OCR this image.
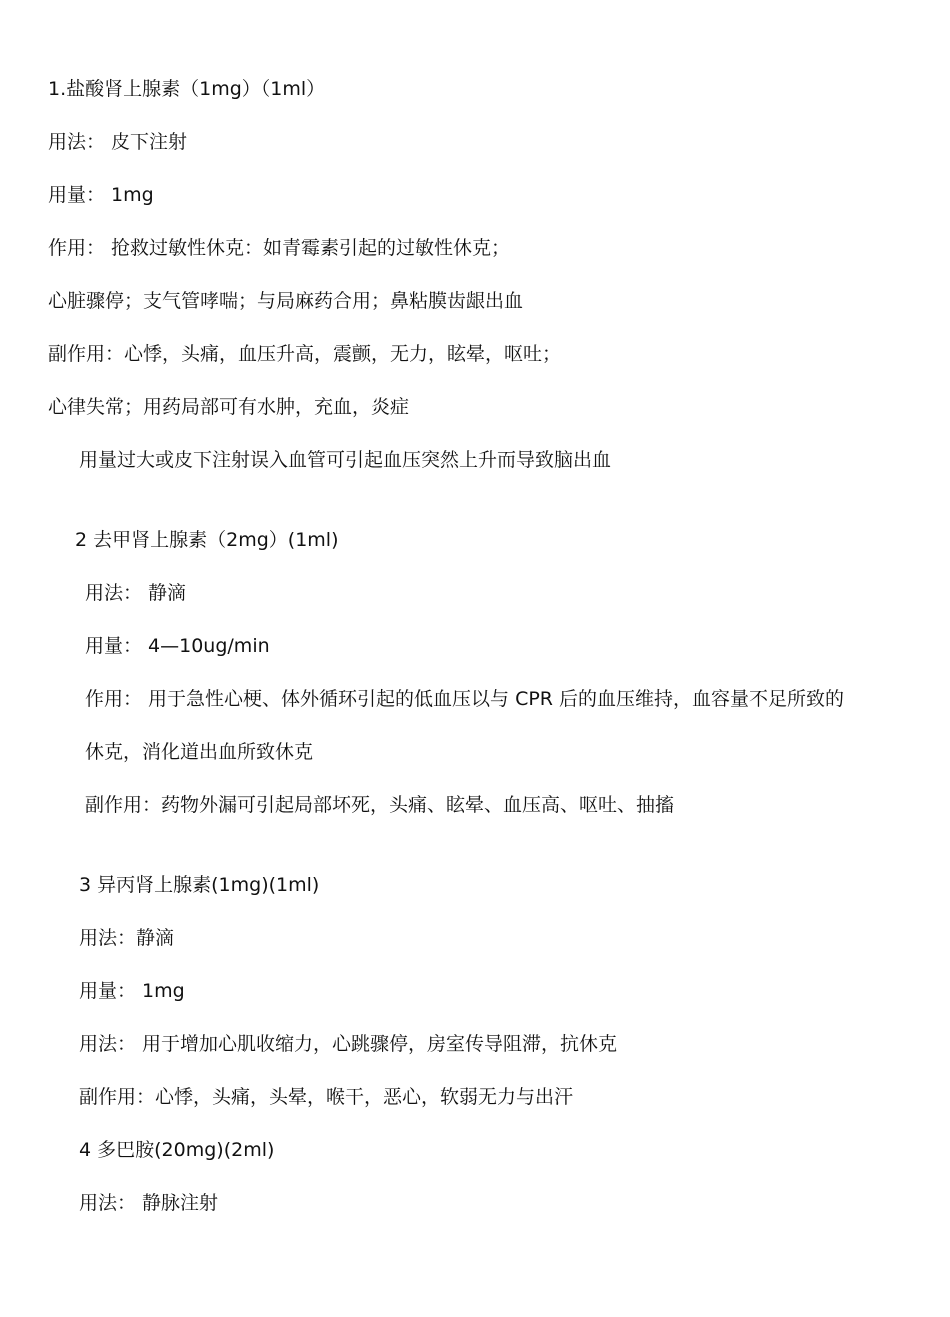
1.盐酸肾上腺素（1mg）（1ml）
用法： 皮下注射
用量： 1mg
作用： 抢救过敏性休克：如青霉素引起的过敏性休克；
心脏骤停；支气管哮喘；与局麻药合用；鼻粘膜齿龈出血
副作用：心悸，头痛，血压升高，震颤，无力，眩晕，呕吐；
心律失常；用药局部可有水肿，充血，炎症
用量过大或皮下注射误入血管可引起血压突然上升而导致脑出血
2 去甲肾上腺素（2mg）(1ml)
用法： 静滴
用量： 4—10ug/min
作用： 用于急性心梗、体外循环引起的低血压以与 CPR 后的血压维持，血容量不足所致的
休克，消化道出血所致休克
副作用：药物外漏可引起局部坏死，头痛、眩晕、血压高、呕吐、抽搐
3 异丙肾上腺素(1mg)(1ml)
用法：静滴
用量： 1mg
用法： 用于增加心肌收缩力，心跳骤停，房室传导阻滞，抗休克
副作用：心悸，头痛，头晕，喉干，恶心，软弱无力与出汗
4 多巴胺(20mg)(2ml)
用法： 静脉注射
